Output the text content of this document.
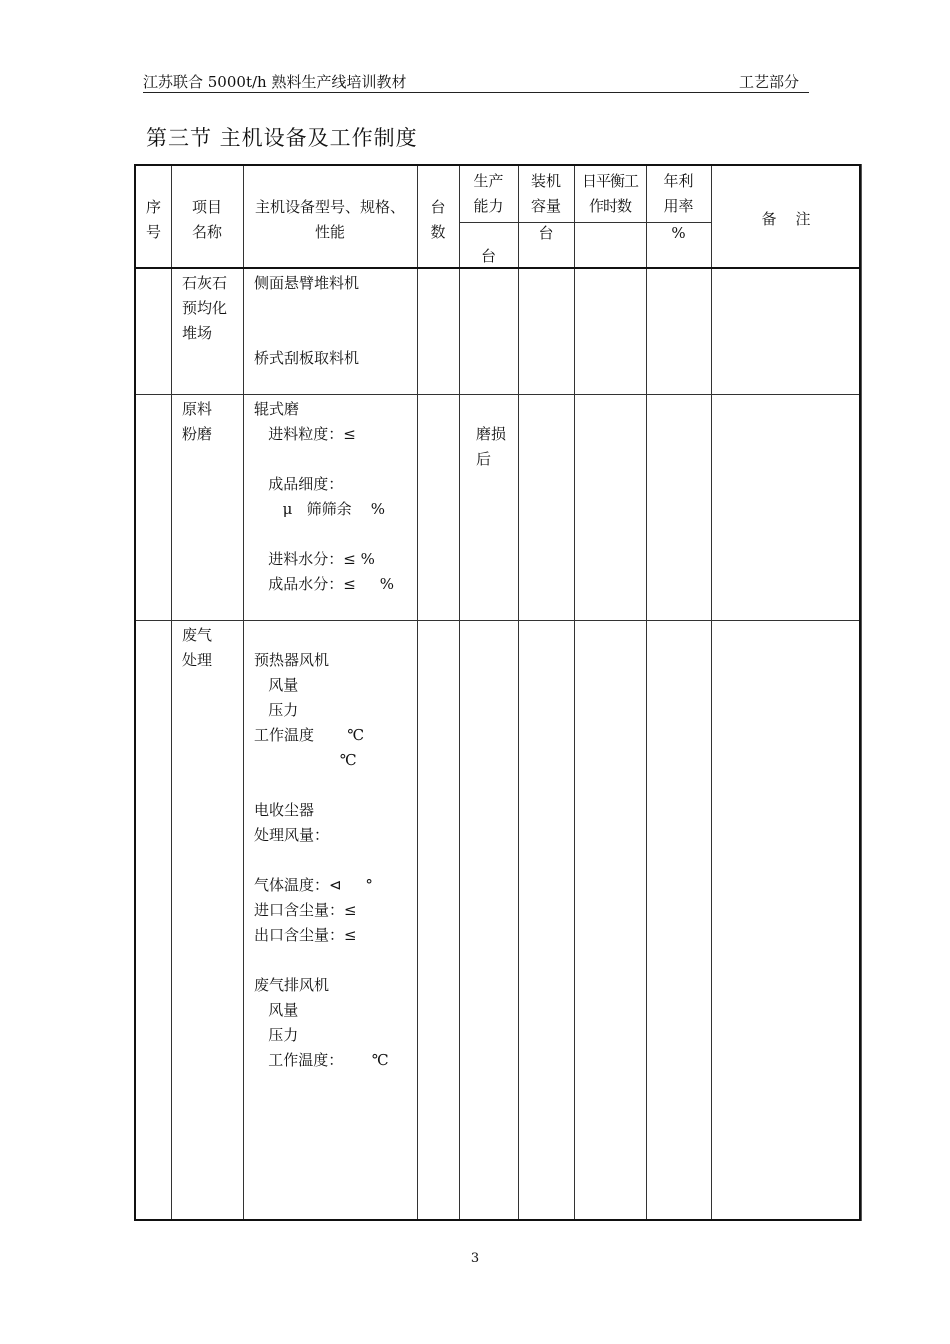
江苏联合 5000t/h 熟料生产线培训教材	工艺部分
第三节 主机设备及工作制度
序
号
项目
名称
主机设备型号、规格、
性能
台
数
生产
能力
台
装机
容量
台
日平衡工
作时数
年利
用率
%
备    注
石灰石
预均化
堆场
侧面悬臂堆料机

桥式刮板取料机
原料
粉磨
辊式磨
进料粒度：≤

成品细度：
μ   筛筛余    %

进料水分：≤ %
成品水分：≤     %

磨损
后
废气
处理	
预热器风机
风量
压力
工作温度       ℃
℃

电收尘器
处理风量：

气体温度：⊲     °
进口含尘量：≤
出口含尘量：≤

废气排风机
风量
压力
工作温度：      ℃
3
